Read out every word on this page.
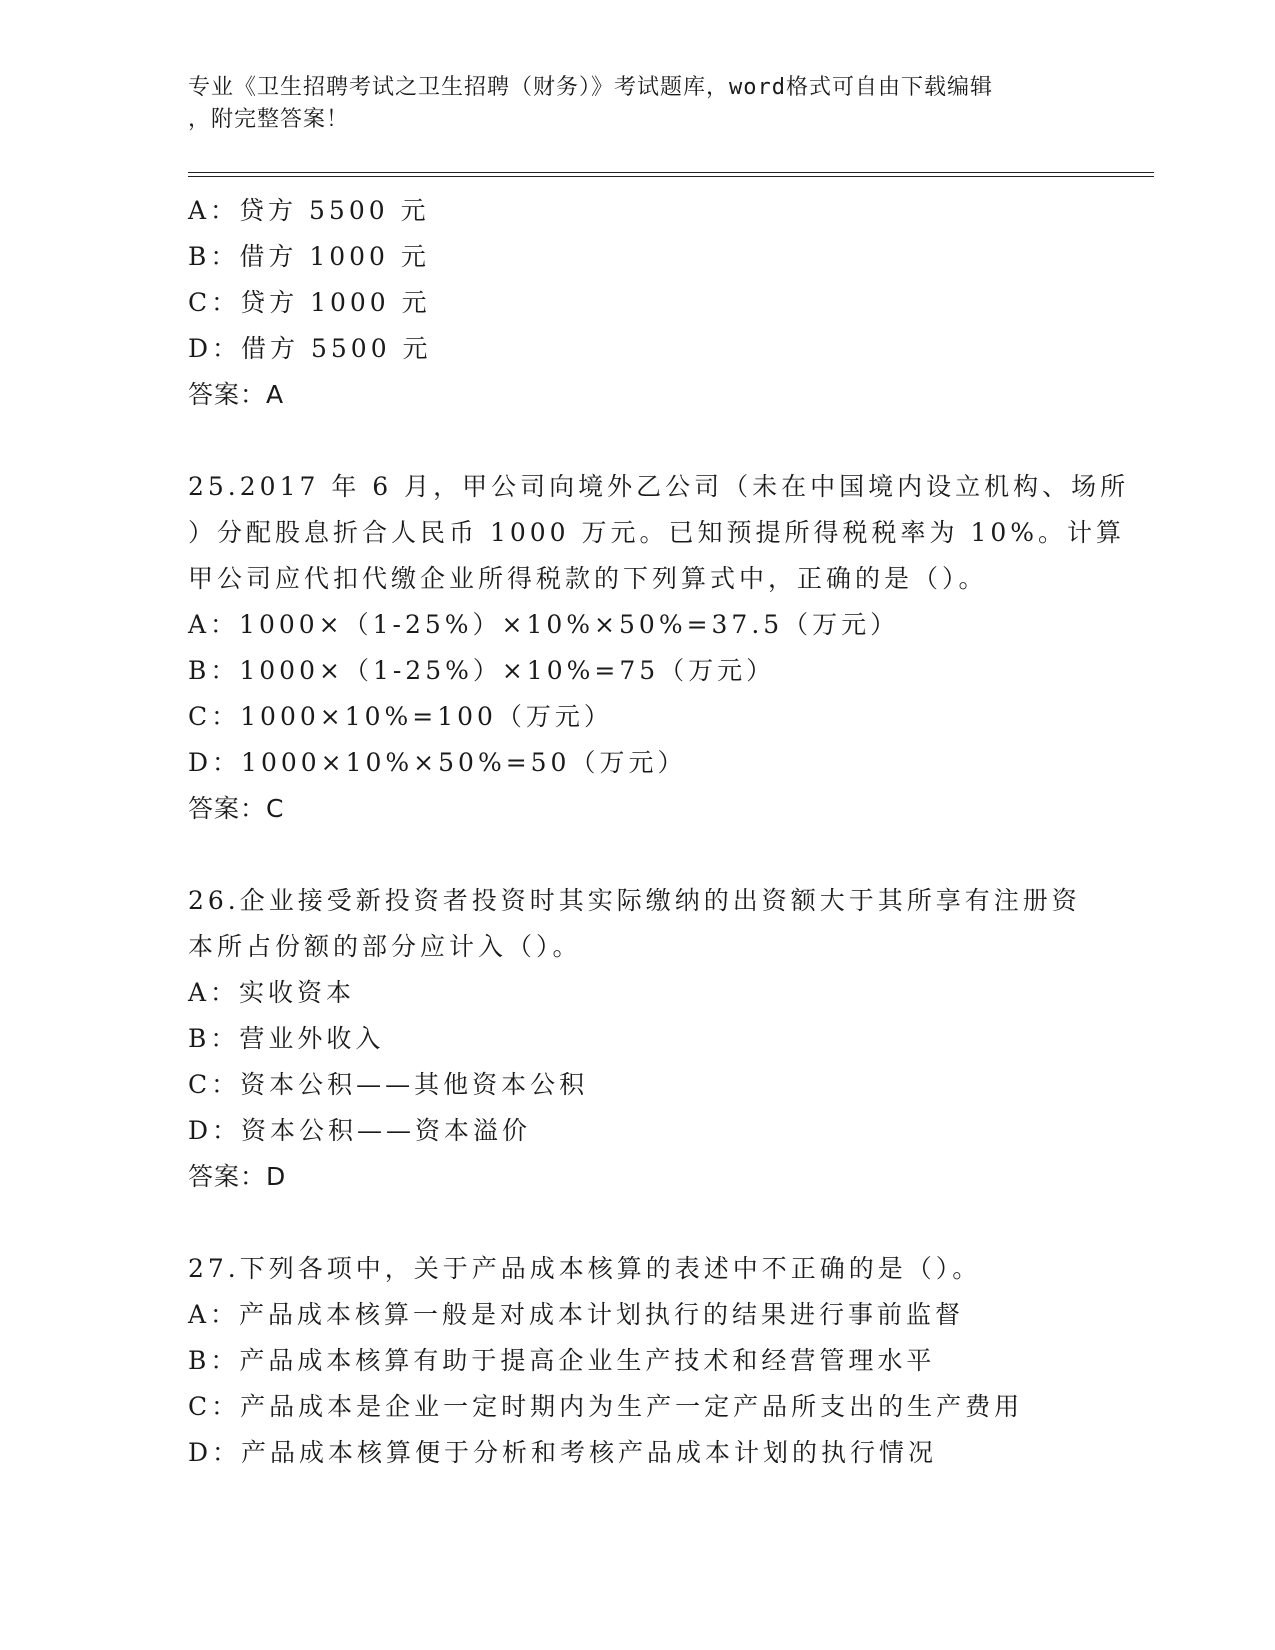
专业《卫生招聘考试之卫生招聘（财务）》考试题库，word格式可自由下载编辑
，附完整答案！
A：贷方 5500 元
B：借方 1000 元
C：贷方 1000 元
D：借方 5500 元
答案：A
25.2017 年 6 月，甲公司向境外乙公司（未在中国境内设立机构、场所
）分配股息折合人民币 1000 万元。已知预提所得税税率为 10%。计算
甲公司应代扣代缴企业所得税款的下列算式中，正确的是（）。
A：1000×（1-25%）×10%×50%=37.5（万元）
B：1000×（1-25%）×10%=75（万元）
C：1000×10%=100（万元）
D：1000×10%×50%=50（万元）
答案：C
26.企业接受新投资者投资时其实际缴纳的出资额大于其所享有注册资
本所占份额的部分应计入（）。
A：实收资本
B：营业外收入
C：资本公积——其他资本公积
D：资本公积——资本溢价
答案：D
27.下列各项中，关于产品成本核算的表述中不正确的是（）。
A：产品成本核算一般是对成本计划执行的结果进行事前监督
B：产品成本核算有助于提高企业生产技术和经营管理水平
C：产品成本是企业一定时期内为生产一定产品所支出的生产费用
D：产品成本核算便于分析和考核产品成本计划的执行情况
